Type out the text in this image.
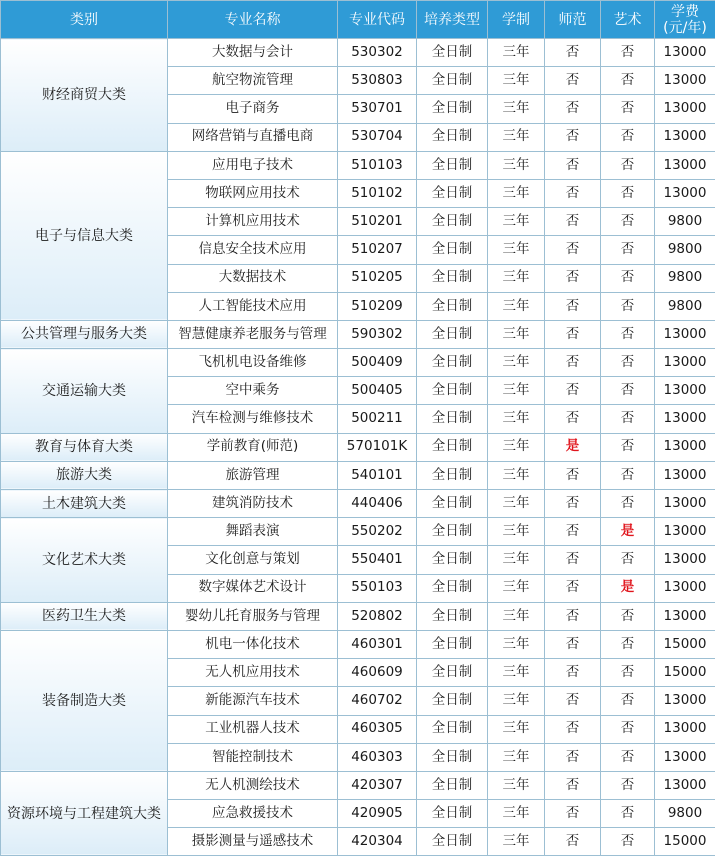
类别	专业名称	专业代码	培养类型	学制	师范	艺术	学费
(元/年)

财经商贸大类	大数据与会计	530302	全日制	三年	否	否	13000
	航空物流管理	530803	全日制	三年	否	否	13000
	电子商务	530701	全日制	三年	否	否	13000
	网络营销与直播电商	530704	全日制	三年	否	否	13000
电子与信息大类	应用电子技术	510103	全日制	三年	否	否	13000
	物联网应用技术	510102	全日制	三年	否	否	13000
	计算机应用技术	510201	全日制	三年	否	否	9800
	信息安全技术应用	510207	全日制	三年	否	否	9800
	大数据技术	510205	全日制	三年	否	否	9800
	人工智能技术应用	510209	全日制	三年	否	否	9800
公共管理与服务大类	智慧健康养老服务与管理	590302	全日制	三年	否	否	13000
交通运输大类	飞机机电设备维修	500409	全日制	三年	否	否	13000
	空中乘务	500405	全日制	三年	否	否	13000
	汽车检测与维修技术	500211	全日制	三年	否	否	13000
教育与体育大类	学前教育(师范)	570101K	全日制	三年	是	否	13000
旅游大类	旅游管理	540101	全日制	三年	否	否	13000
土木建筑大类	建筑消防技术	440406	全日制	三年	否	否	13000
文化艺术大类	舞蹈表演	550202	全日制	三年	否	是	13000
	文化创意与策划	550401	全日制	三年	否	否	13000
	数字媒体艺术设计	550103	全日制	三年	否	是	13000
医药卫生大类	婴幼儿托育服务与管理	520802	全日制	三年	否	否	13000
装备制造大类	机电一体化技术	460301	全日制	三年	否	否	15000
	无人机应用技术	460609	全日制	三年	否	否	15000
	新能源汽车技术	460702	全日制	三年	否	否	13000
	工业机器人技术	460305	全日制	三年	否	否	13000
	智能控制技术	460303	全日制	三年	否	否	13000
资源环境与工程建筑大类	无人机测绘技术	420307	全日制	三年	否	否	13000
	应急救援技术	420905	全日制	三年	否	否	9800
	摄影测量与遥感技术	420304	全日制	三年	否	否	15000
